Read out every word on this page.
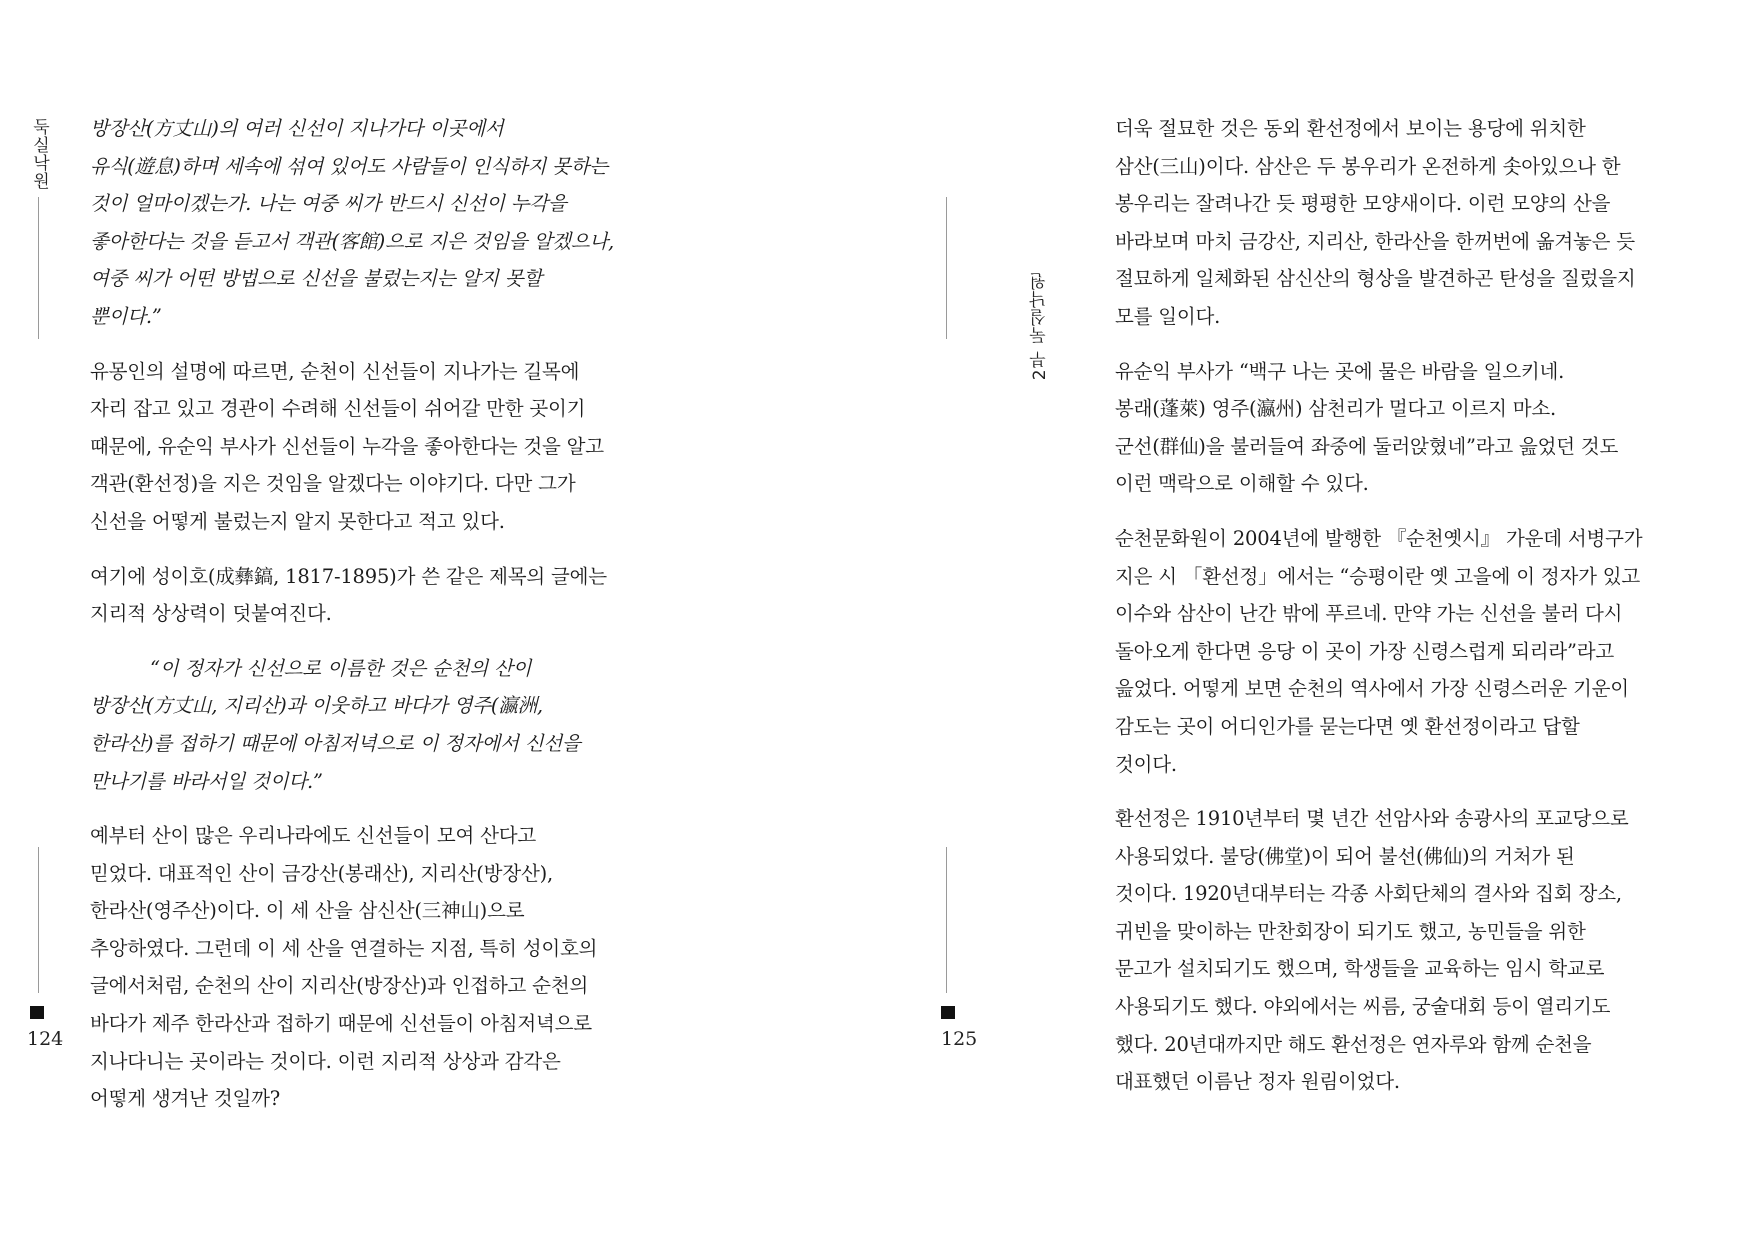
둑실낙원
124
방장산(方丈山)의 여러 신선이 지나가다 이곳에서
유식(遊息)하며 세속에 섞여 있어도 사람들이 인식하지 못하는
것이 얼마이겠는가. 나는 여중 씨가 반드시 신선이 누각을
좋아한다는 것을 듣고서 객관(客館)으로 지은 것임을 알겠으나,
여중 씨가 어떤 방법으로 신선을 불렀는지는 알지 못할
뿐이다.”
유몽인의 설명에 따르면, 순천이 신선들이 지나가는 길목에
자리 잡고 있고 경관이 수려해 신선들이 쉬어갈 만한 곳이기
때문에, 유순익 부사가 신선들이 누각을 좋아한다는 것을 알고
객관(환선정)을 지은 것임을 알겠다는 이야기다. 다만 그가
신선을 어떻게 불렀는지 알지 못한다고 적고 있다.
여기에 성이호(成彝鎬, 1817-1895)가 쓴 같은 제목의 글에는
지리적 상상력이 덧붙여진다.
“이 정자가 신선으로 이름한 것은 순천의 산이
방장산(方丈山, 지리산)과 이웃하고 바다가 영주(瀛洲,
한라산)를 접하기 때문에 아침저녁으로 이 정자에서 신선을
만나기를 바라서일 것이다.”
예부터 산이 많은 우리나라에도 신선들이 모여 산다고
믿었다. 대표적인 산이 금강산(봉래산), 지리산(방장산),
한라산(영주산)이다. 이 세 산을 삼신산(三神山)으로
추앙하였다. 그런데 이 세 산을 연결하는 지점, 특히 성이호의
글에서처럼, 순천의 산이 지리산(방장산)과 인접하고 순천의
바다가 제주 한라산과 접하기 때문에 신선들이 아침저녁으로
지나다니는 곳이라는 것이다. 이런 지리적 상상과 감각은
어떻게 생겨난 것일까?
2부 둑실낙원
125
더욱 절묘한 것은 동외 환선정에서 보이는 용당에 위치한
삼산(三山)이다. 삼산은 두 봉우리가 온전하게 솟아있으나 한
봉우리는 잘려나간 듯 평평한 모양새이다. 이런 모양의 산을
바라보며 마치 금강산, 지리산, 한라산을 한꺼번에 옮겨놓은 듯
절묘하게 일체화된 삼신산의 형상을 발견하곤 탄성을 질렀을지
모를 일이다.
유순익 부사가 “백구 나는 곳에 물은 바람을 일으키네.
봉래(蓬萊) 영주(瀛州) 삼천리가 멀다고 이르지 마소.
군선(群仙)을 불러들여 좌중에 둘러앉혔네”라고 읊었던 것도
이런 맥락으로 이해할 수 있다.
순천문화원이 2004년에 발행한 『순천옛시』 가운데 서병구가
지은 시 「환선정」에서는 “승평이란 옛 고을에 이 정자가 있고
이수와 삼산이 난간 밖에 푸르네. 만약 가는 신선을 불러 다시
돌아오게 한다면 응당 이 곳이 가장 신령스럽게 되리라”라고
읊었다. 어떻게 보면 순천의 역사에서 가장 신령스러운 기운이
감도는 곳이 어디인가를 묻는다면 옛 환선정이라고 답할
것이다.
환선정은 1910년부터 몇 년간 선암사와 송광사의 포교당으로
사용되었다. 불당(佛堂)이 되어 불선(佛仙)의 거처가 된
것이다. 1920년대부터는 각종 사회단체의 결사와 집회 장소,
귀빈을 맞이하는 만찬회장이 되기도 했고, 농민들을 위한
문고가 설치되기도 했으며, 학생들을 교육하는 임시 학교로
사용되기도 했다. 야외에서는 씨름, 궁술대회 등이 열리기도
했다. 20년대까지만 해도 환선정은 연자루와 함께 순천을
대표했던 이름난 정자 원림이었다.
